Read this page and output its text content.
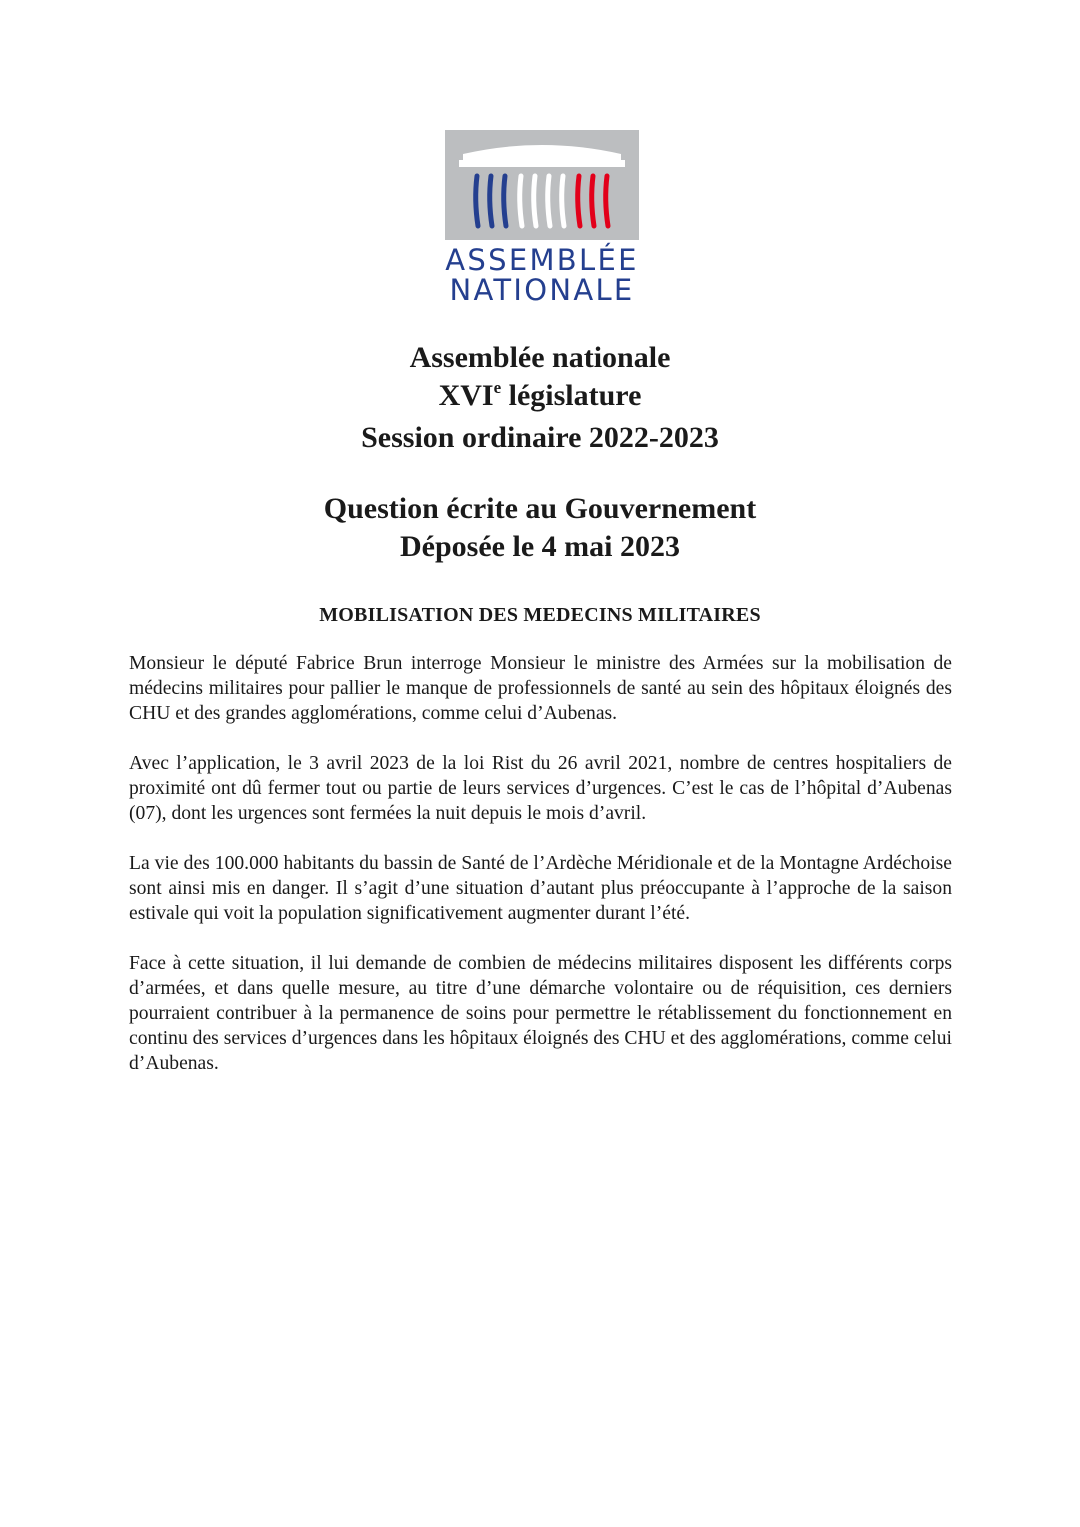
ASSEMBLÉE
NATIONALE
Assemblée nationale
XVIe législature
Session ordinaire 2022-2023
Question écrite au Gouvernement
Déposée le 4 mai 2023
MOBILISATION DES MEDECINS MILITAIRES

Monsieur le député Fabrice Brun interroge Monsieur le ministre des Armées sur la mobilisation de médecins militaires pour pallier le manque de professionnels de santé au sein des hôpitaux éloignés des CHU et des grandes agglomérations, comme celui d’Aubenas.

Avec l’application, le 3 avril 2023 de la loi Rist du 26 avril 2021, nombre de centres hospitaliers de proximité ont dû fermer tout ou partie de leurs services d’urgences. C’est le cas de l’hôpital d’Aubenas (07), dont les urgences sont fermées la nuit depuis le mois d’avril.

La vie des 100.000 habitants du bassin de Santé de l’Ardèche Méridionale et de la Montagne Ardéchoise sont ainsi mis en danger. Il s’agit d’une situation d’autant plus préoccupante à l’approche de la saison estivale qui voit la population significativement augmenter durant l’été.

Face à cette situation, il lui demande de combien de médecins militaires disposent les différents corps d’armées, et dans quelle mesure, au titre d’une démarche volontaire ou de réquisition, ces derniers pourraient contribuer à la permanence de soins pour permettre le rétablissement du fonctionnement en continu des services d’urgences dans les hôpitaux éloignés des CHU et des agglomérations, comme celui d’Aubenas.
